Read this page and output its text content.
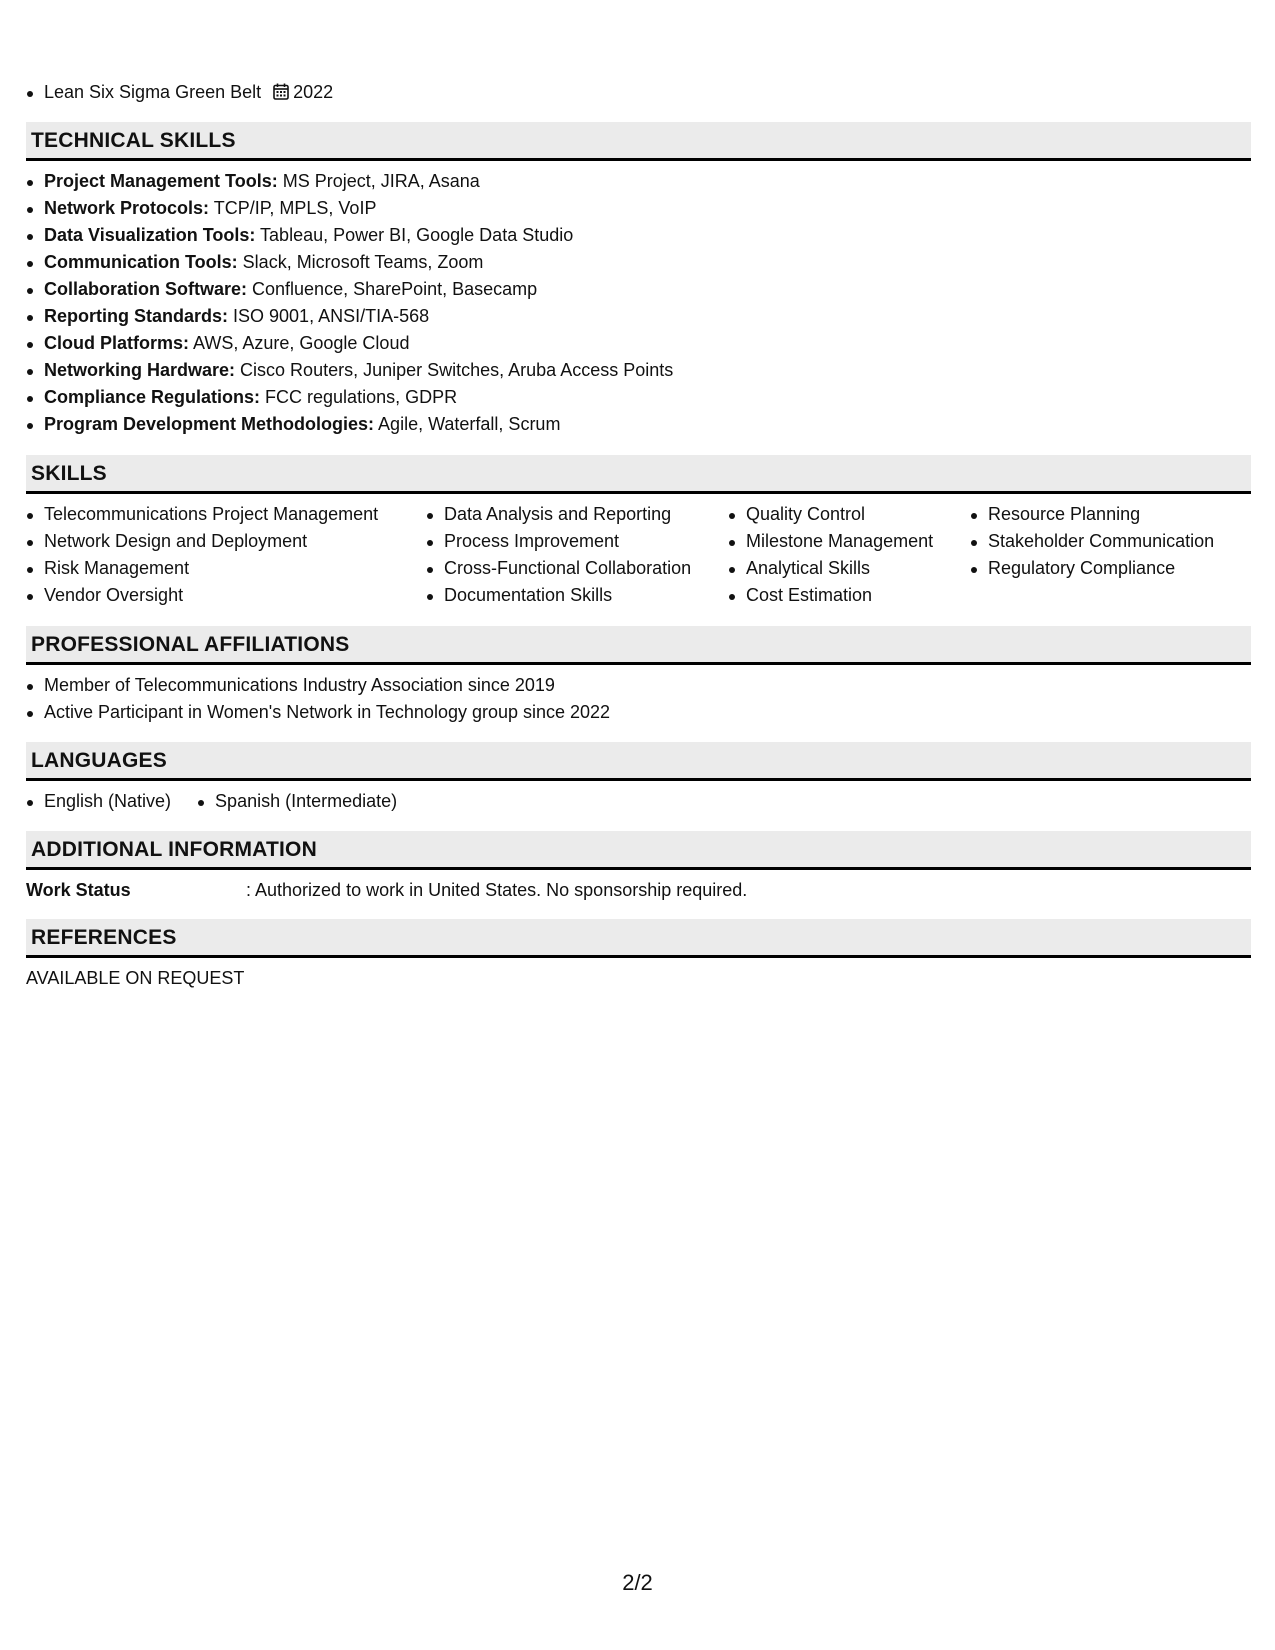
Lean Six Sigma Green Belt 2022
TECHNICAL SKILLS
Project Management Tools: MS Project, JIRA, Asana
Network Protocols: TCP/IP, MPLS, VoIP
Data Visualization Tools: Tableau, Power BI, Google Data Studio
Communication Tools: Slack, Microsoft Teams, Zoom
Collaboration Software: Confluence, SharePoint, Basecamp
Reporting Standards: ISO 9001, ANSI/TIA-568
Cloud Platforms: AWS, Azure, Google Cloud
Networking Hardware: Cisco Routers, Juniper Switches, Aruba Access Points
Compliance Regulations: FCC regulations, GDPR
Program Development Methodologies: Agile, Waterfall, Scrum
SKILLS
Telecommunications Project Management
Network Design and Deployment
Risk Management
Vendor Oversight
Data Analysis and Reporting
Process Improvement
Cross-Functional Collaboration
Documentation Skills
Quality Control
Milestone Management
Analytical Skills
Cost Estimation
Resource Planning
Stakeholder Communication
Regulatory Compliance
PROFESSIONAL AFFILIATIONS
Member of Telecommunications Industry Association since 2019
Active Participant in Women's Network in Technology group since 2022
LANGUAGES
English (Native)	Spanish (Intermediate)
ADDITIONAL INFORMATION
Work Status	: Authorized to work in United States. No sponsorship required.
REFERENCES
AVAILABLE ON REQUEST
2/2
